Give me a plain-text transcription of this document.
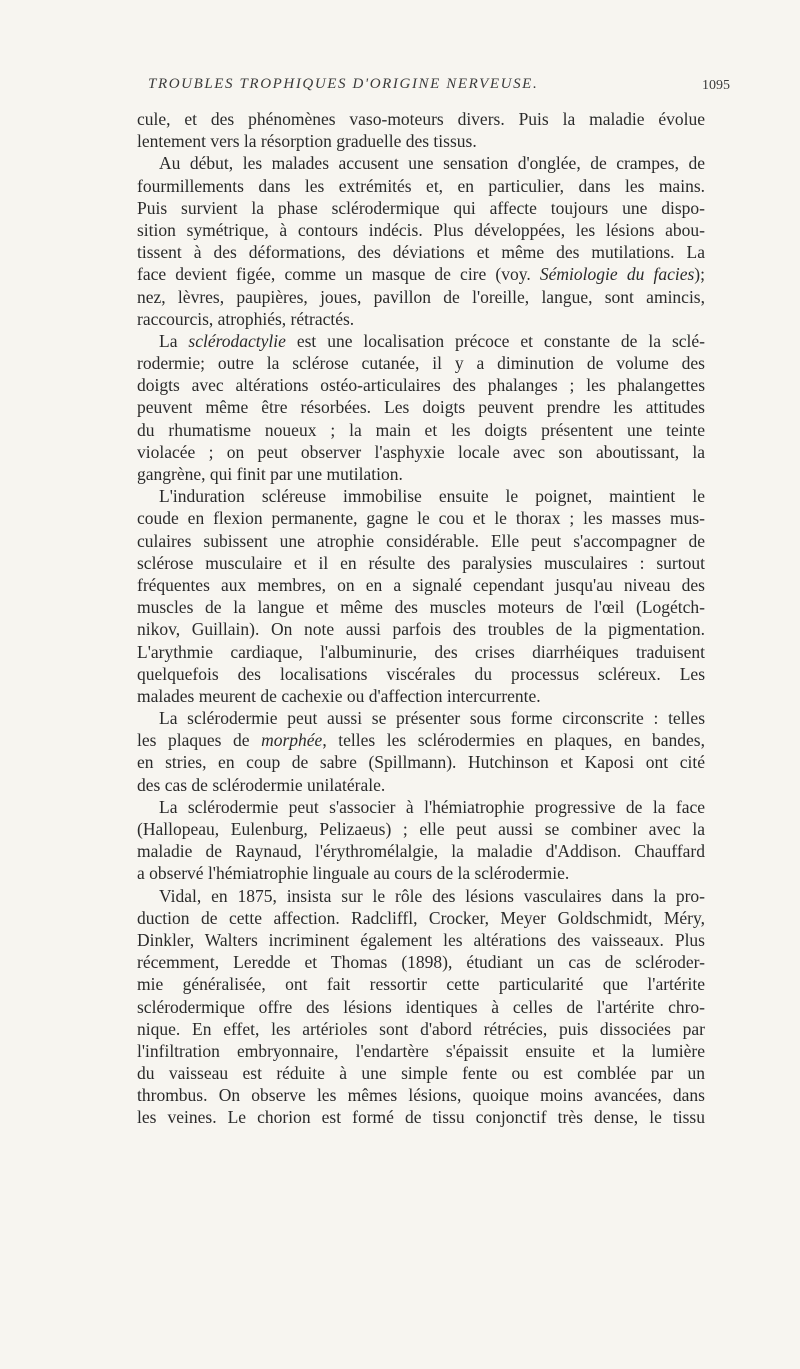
TROUBLES TROPHIQUES D'ORIGINE NERVEUSE.	1095
cule, et des phénomènes vaso-moteurs divers. Puis la maladie évolue
lentement vers la résorption graduelle des tissus.
Au début, les malades accusent une sensation d'onglée, de crampes, de
fourmillements dans les extrémités et, en particulier, dans les mains.
Puis survient la phase sclérodermique qui affecte toujours une dispo-
sition symétrique, à contours indécis. Plus développées, les lésions abou-
tissent à des déformations, des déviations et même des mutilations. La
face devient figée, comme un masque de cire (voy. Sémiologie du facies);
nez, lèvres, paupières, joues, pavillon de l'oreille, langue, sont amincis,
raccourcis, atrophiés, rétractés.
La sclérodactylie est une localisation précoce et constante de la sclé-
rodermie; outre la sclérose cutanée, il y a diminution de volume des
doigts avec altérations ostéo-articulaires des phalanges ; les phalangettes
peuvent même être résorbées. Les doigts peuvent prendre les attitudes
du rhumatisme noueux ; la main et les doigts présentent une teinte
violacée ; on peut observer l'asphyxie locale avec son aboutissant, la
gangrène, qui finit par une mutilation.
L'induration scléreuse immobilise ensuite le poignet, maintient le
coude en flexion permanente, gagne le cou et le thorax ; les masses mus-
culaires subissent une atrophie considérable. Elle peut s'accompagner de
sclérose musculaire et il en résulte des paralysies musculaires : surtout
fréquentes aux membres, on en a signalé cependant jusqu'au niveau des
muscles de la langue et même des muscles moteurs de l'œil (Logétch-
nikov, Guillain). On note aussi parfois des troubles de la pigmentation.
L'arythmie cardiaque, l'albuminurie, des crises diarrhéiques traduisent
quelquefois des localisations viscérales du processus scléreux. Les
malades meurent de cachexie ou d'affection intercurrente.
La sclérodermie peut aussi se présenter sous forme circonscrite : telles
les plaques de morphée, telles les sclérodermies en plaques, en bandes,
en stries, en coup de sabre (Spillmann). Hutchinson et Kaposi ont cité
des cas de sclérodermie unilatérale.
La sclérodermie peut s'associer à l'hémiatrophie progressive de la face
(Hallopeau, Eulenburg, Pelizaeus) ; elle peut aussi se combiner avec la
maladie de Raynaud, l'érythromélalgie, la maladie d'Addison. Chauffard
a observé l'hémiatrophie linguale au cours de la sclérodermie.
Vidal, en 1875, insista sur le rôle des lésions vasculaires dans la pro-
duction de cette affection. Radcliffl, Crocker, Meyer Goldschmidt, Méry,
Dinkler, Walters incriminent également les altérations des vaisseaux. Plus
récemment, Leredde et Thomas (1898), étudiant un cas de scléroder-
mie généralisée, ont fait ressortir cette particularité que l'artérite
sclérodermique offre des lésions identiques à celles de l'artérite chro-
nique. En effet, les artérioles sont d'abord rétrécies, puis dissociées par
l'infiltration embryonnaire, l'endartère s'épaissit ensuite et la lumière
du vaisseau est réduite à une simple fente ou est comblée par un
thrombus. On observe les mêmes lésions, quoique moins avancées, dans
les veines. Le chorion est formé de tissu conjonctif très dense, le tissu
